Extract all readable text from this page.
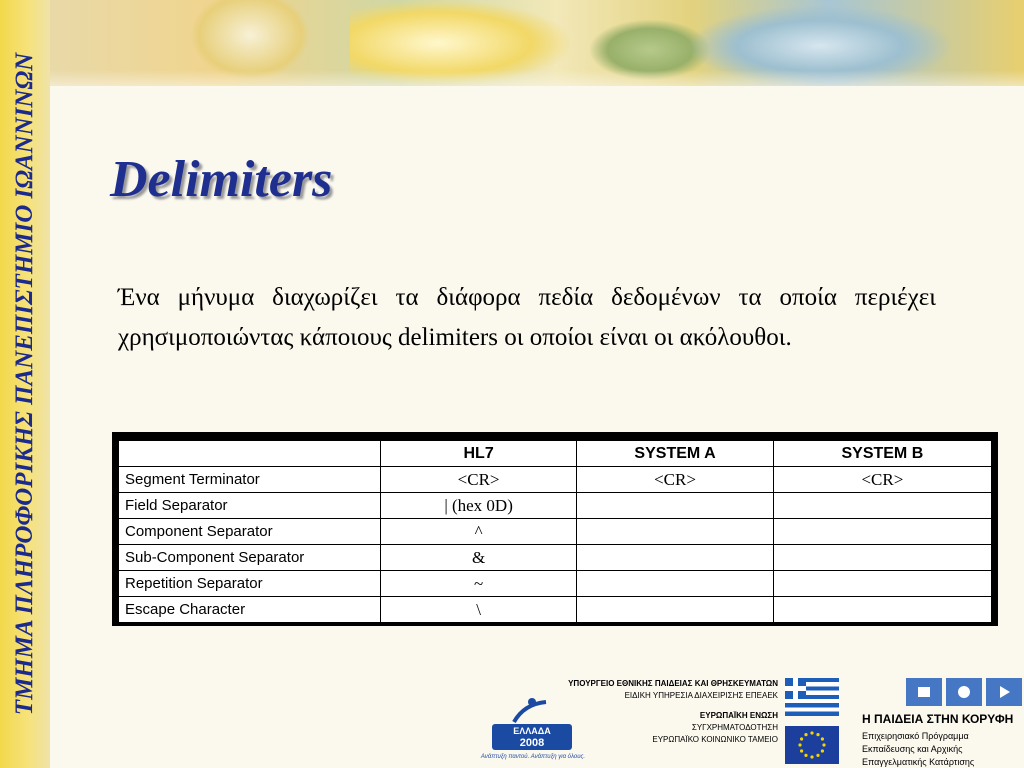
ΤΜΗΜΑ ΠΛΗΡΟΦΟΡΙΚΗΣ ΠΑΝΕΠΙΣΤΗΜΙΟ ΙΩΑΝΝΙΝΩΝ Delimiters
Ένα μήνυμα διαχωρίζει τα διάφορα πεδία δεδομένων τα οποία περιέχει χρησιμοποιώντας κάποιους delimiters οι οποίοι είναι οι ακόλουθοι.
	HL7	SYSTEM A	SYSTEM B
Segment Terminator	<CR>	<CR>	<CR>
Field Separator	| (hex 0D)		
Component Separator	^		
Sub-Component Separator	&		
Repetition Separator	~		
Escape Character	\		
ΕΛΛΑΔΑ
2008
Ανάπτυξη παντού. Ανάπτυξη για όλους.
ΥΠΟΥΡΓΕΙΟ ΕΘΝΙΚΗΣ ΠΑΙΔΕΙΑΣ ΚΑΙ ΘΡΗΣΚΕΥΜΑΤΩΝ
ΕΙΔΙΚΗ ΥΠΗΡΕΣΙΑ ΔΙΑΧΕΙΡΙΣΗΣ ΕΠΕΑΕΚ
ΕΥΡΩΠΑΪΚΗ ΕΝΩΣΗ
ΣΥΓΧΡΗΜΑΤΟΔΟΤΗΣΗ
ΕΥΡΩΠΑΪΚΟ ΚΟΙΝΩΝΙΚΟ ΤΑΜΕΙΟ
Η ΠΑΙΔΕΙΑ ΣΤΗΝ ΚΟΡΥΦΗ
Επιχειρησιακό Πρόγραμμα
Εκπαίδευσης και Αρχικής
Επαγγελματικής Κατάρτισης
